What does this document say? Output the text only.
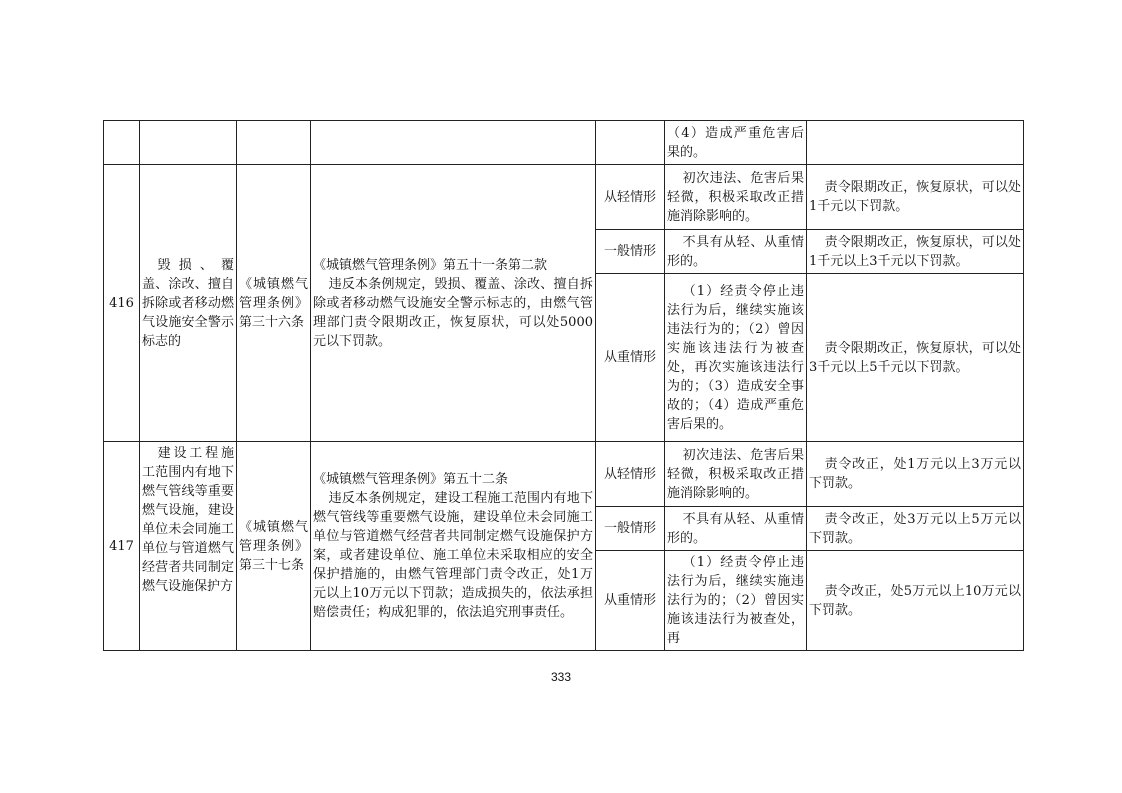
					（4）造成严重危害后果的。	
416	毁损、覆盖、涂改、擅自拆除或者移动燃气设施安全警示标志的	《城镇燃气管理条例》第三十六条	《城镇燃气管理条例》第五十一条第二款
违反本条例规定，毁损、覆盖、涂改、擅自拆除或者移动燃气设施安全警示标志的，由燃气管理部门责令限期改正，恢复原状，可以处5000元以下罚款。	从轻情形	初次违法、危害后果轻微，积极采取改正措施消除影响的。	责令限期改正，恢复原状，可以处1千元以下罚款。
				一般情形	不具有从轻、从重情形的。	责令限期改正，恢复原状，可以处1千元以上3千元以下罚款。
				从重情形	（1）经责令停止违法行为后，继续实施该违法行为的；（2）曾因实施该违法行为被查处，再次实施该违法行为的；（3）造成安全事故的；（4）造成严重危害后果的。	责令限期改正，恢复原状，可以处3千元以上5千元以下罚款。
417	建设工程施工范围内有地下燃气管线等重要燃气设施，建设单位未会同施工单位与管道燃气经营者共同制定燃气设施保护方	《城镇燃气管理条例》第三十七条	《城镇燃气管理条例》第五十二条
违反本条例规定，建设工程施工范围内有地下燃气管线等重要燃气设施，建设单位未会同施工单位与管道燃气经营者共同制定燃气设施保护方案，或者建设单位、施工单位未采取相应的安全保护措施的，由燃气管理部门责令改正，处1万元以上10万元以下罚款；造成损失的，依法承担赔偿责任；构成犯罪的，依法追究刑事责任。	从轻情形	初次违法、危害后果轻微，积极采取改正措施消除影响的。	责令改正，处1万元以上3万元以下罚款。
				一般情形	不具有从轻、从重情形的。	责令改正，处3万元以上5万元以下罚款。
				从重情形	（1）经责令停止违法行为后，继续实施违法行为的；（2）曾因实施该违法行为被查处，再	责令改正，处5万元以上10万元以下罚款。
333
